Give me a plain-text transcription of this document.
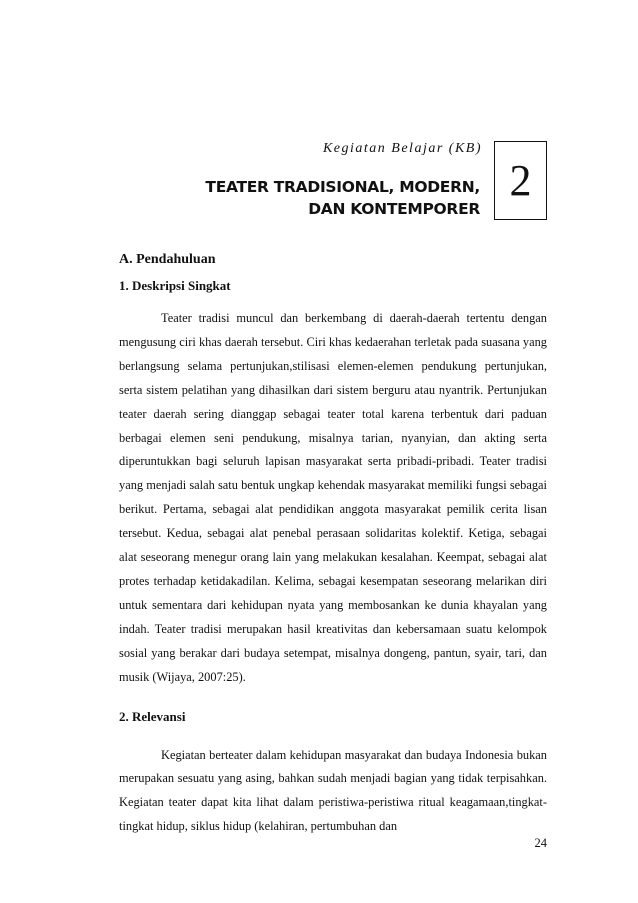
Kegiatan Belajar (KB)
TEATER TRADISIONAL, MODERN,
DAN KONTEMPORER
2
A. Pendahuluan
1. Deskripsi Singkat

Teater tradisi muncul dan berkembang di daerah-daerah tertentu dengan mengusung ciri khas daerah tersebut. Ciri khas kedaerahan terletak pada suasana yang berlangsung selama pertunjukan,stilisasi elemen-elemen pendukung pertunjukan, serta sistem pelatihan yang dihasilkan dari sistem berguru atau nyantrik. Pertunjukan teater daerah sering dianggap sebagai teater total karena terbentuk dari paduan berbagai elemen seni pendukung, misalnya tarian, nyanyian, dan akting serta diperuntukkan bagi seluruh lapisan masyarakat serta pribadi-pribadi. Teater tradisi yang menjadi salah satu bentuk ungkap kehendak masyarakat memiliki fungsi sebagai berikut. Pertama, sebagai alat pendidikan anggota masyarakat pemilik cerita lisan tersebut. Kedua, sebagai alat penebal perasaan solidaritas kolektif. Ketiga, sebagai alat seseorang menegur orang lain yang melakukan kesalahan. Keempat, sebagai alat protes terhadap ketidakadilan. Kelima, sebagai kesempatan seseorang melarikan diri untuk sementara dari kehidupan nyata yang membosankan ke dunia khayalan yang indah. Teater tradisi merupakan hasil kreativitas dan kebersamaan suatu kelompok sosial yang berakar dari budaya setempat, misalnya dongeng, pantun, syair, tari, dan musik (Wijaya, 2007:25).

2. Relevansi

Kegiatan berteater dalam kehidupan masyarakat dan budaya Indonesia bukan merupakan sesuatu yang asing, bahkan sudah menjadi bagian yang tidak terpisahkan. Kegiatan teater dapat kita lihat dalam peristiwa-peristiwa ritual keagamaan,tingkat-tingkat hidup, siklus hidup (kelahiran, pertumbuhan dan

24
